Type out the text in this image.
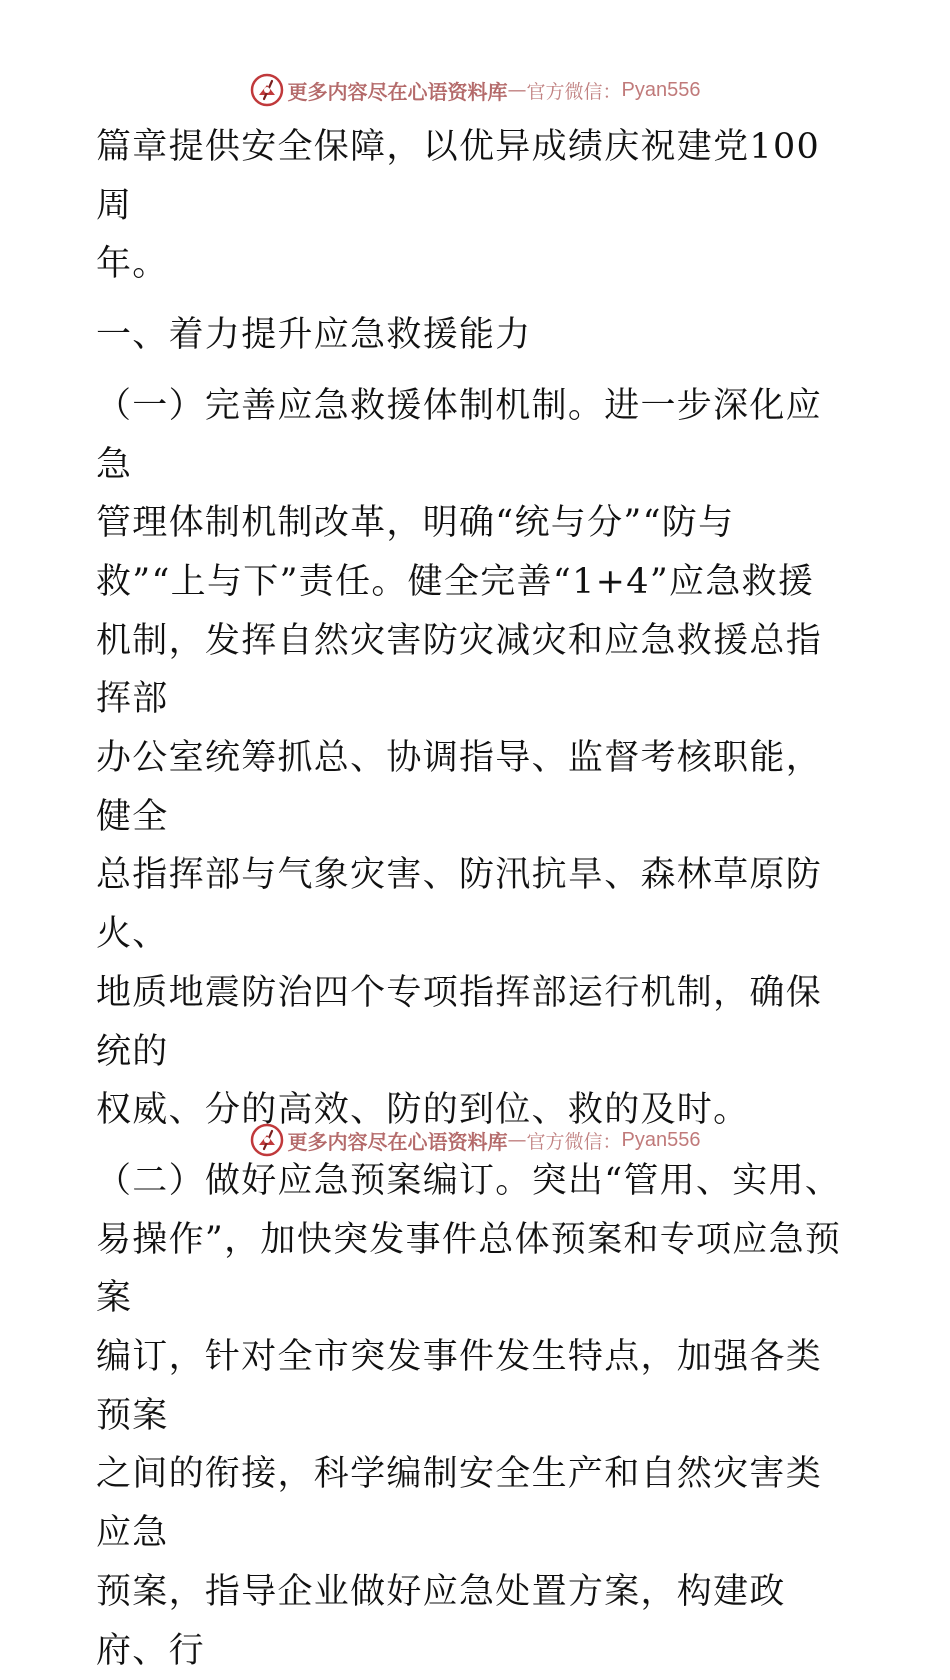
更多内容尽在心语资料库 — 官方微信： Pyan556

篇章提供安全保障，以优异成绩庆祝建党100周

年。

一、着力提升应急救援能力

（一）完善应急救援体制机制。进一步深化应急

管理体制机制改革，明确“统与分”“防与

救”“上与下”责任。健全完善“1+4”应急救援

机制，发挥自然灾害防灾减灾和应急救援总指挥部

办公室统筹抓总、协调指导、监督考核职能，健全

总指挥部与气象灾害、防汛抗旱、森林草原防火、

地质地震防治四个专项指挥部运行机制，确保统的

权威、分的高效、防的到位、救的及时。

（二）做好应急预案编订。突出“管用、实用、

易操作”，加快突发事件总体预案和专项应急预案

编订，针对全市突发事件发生特点，加强各类预案

之间的衔接，科学编制安全生产和自然灾害类应急

预案，指导企业做好应急处置方案，构建政府、行

更多内容尽在心语资料库 — 官方微信： Pyan556
